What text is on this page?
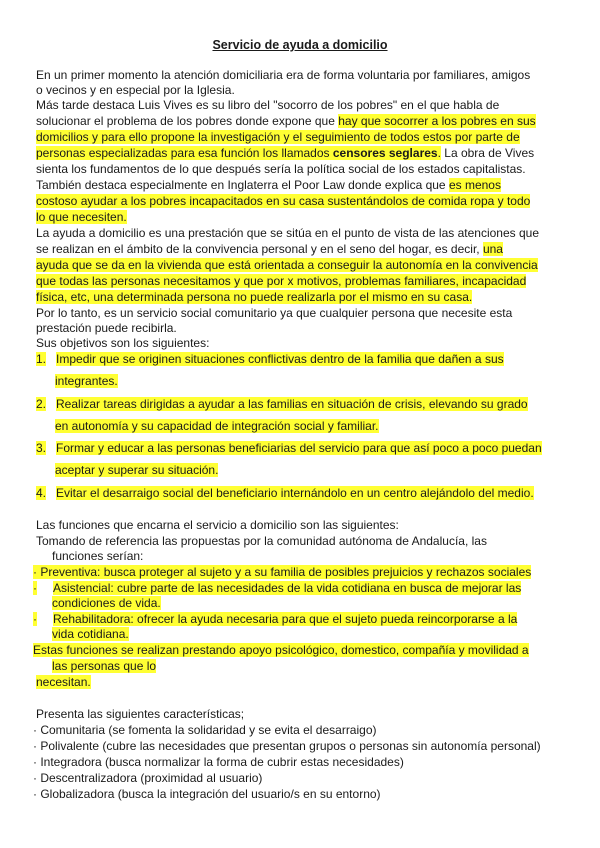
Servicio de ayuda a domicilio
En un primer momento la atención domiciliaria era de forma voluntaria por familiares, amigos
o vecinos y en especial por la Iglesia.
Más tarde destaca Luis Vives es su libro del "socorro de los pobres" en el que habla de
solucionar el problema de los pobres donde expone que hay que socorrer a los pobres en sus
domicilios y para ello propone la investigación y el seguimiento de todos estos por parte de
personas especializadas para esa función los llamados censores seglares. La obra de Vives
sienta los fundamentos de lo que después sería la política social de los estados capitalistas.
También destaca especialmente en Inglaterra el Poor Law donde explica que es menos
costoso ayudar a los pobres incapacitados en su casa sustentándolos de comida ropa y todo
lo que necesiten.
La ayuda a domicilio es una prestación que se sitúa en el punto de vista de las atenciones que
se realizan en el ámbito de la convivencia personal y en el seno del hogar, es decir, una
ayuda que se da en la vivienda que está orientada a conseguir la autonomía en la convivencia
que todas las personas necesitamos y que por x motivos, problemas familiares, incapacidad
física, etc, una determinada persona no puede realizarla por el mismo en su casa.
Por lo tanto, es un servicio social comunitario ya que cualquier persona que necesite esta
prestación puede recibirla.
Sus objetivos son los siguientes:
1. Impedir que se originen situaciones conflictivas dentro de la familia que dañen a sus
integrantes.
2. Realizar tareas dirigidas a ayudar a las familias en situación de crisis, elevando su grado
en autonomía y su capacidad de integración social y familiar.
3. Formar y educar a las personas beneficiarias del servicio para que así poco a poco puedan
aceptar y superar su situación.
4. Evitar el desarraigo social del beneficiario internándolo en un centro alejándolo del medio.
Las funciones que encarna el servicio a domicilio son las siguientes:
Tomando de referencia las propuestas por la comunidad autónoma de Andalucía, las
funciones serían:
· Preventiva: busca proteger al sujeto y a su familia de posibles prejuicios y rechazos sociales
· Asistencial: cubre parte de las necesidades de la vida cotidiana en busca de mejorar las
condiciones de vida.
· Rehabilitadora: ofrecer la ayuda necesaria para que el sujeto pueda reincorporarse a la
vida cotidiana.
Estas funciones se realizan prestando apoyo psicológico, domestico, compañía y movilidad a
las personas que lo
necesitan.
Presenta las siguientes características;
· Comunitaria (se fomenta la solidaridad y se evita el desarraigo)
· Polivalente (cubre las necesidades que presentan grupos o personas sin autonomía personal)
· Integradora (busca normalizar la forma de cubrir estas necesidades)
· Descentralizadora (proximidad al usuario)
· Globalizadora (busca la integración del usuario/s en su entorno)
